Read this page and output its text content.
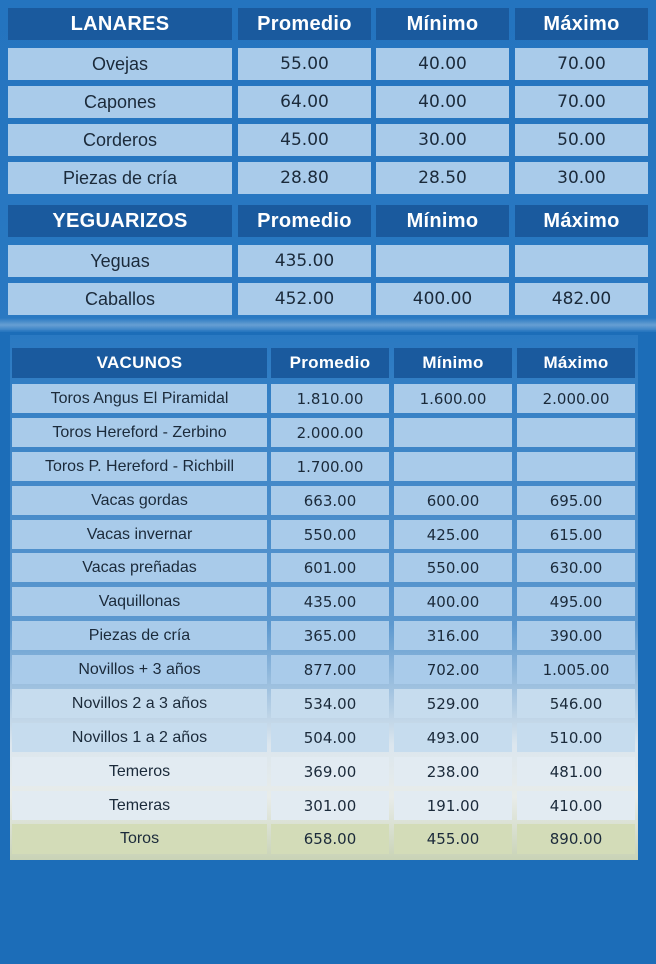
LANARES	Promedio	Mínimo	Máximo
Ovejas	55.00	40.00	70.00
Capones	64.00	40.00	70.00
Corderos	45.00	30.00	50.00
Piezas de cría	28.80	28.50	30.00
YEGUARIZOS	Promedio	Mínimo	Máximo
Yeguas	435.00
Caballos	452.00	400.00	482.00
VACUNOS	Promedio	Mínimo	Máximo
Toros Angus El Piramidal	1.810.00	1.600.00	2.000.00
Toros Hereford - Zerbino	2.000.00
Toros P. Hereford - Richbill	1.700.00
Vacas gordas	663.00	600.00	695.00
Vacas invernar	550.00	425.00	615.00
Vacas preñadas	601.00	550.00	630.00
Vaquillonas	435.00	400.00	495.00
Piezas de cría	365.00	316.00	390.00
Novillos + 3 años	877.00	702.00	1.005.00
Novillos 2 a 3 años	534.00	529.00	546.00
Novillos 1 a 2 años	504.00	493.00	510.00
Temeros	369.00	238.00	481.00
Temeras	301.00	191.00	410.00
Toros	658.00	455.00	890.00
